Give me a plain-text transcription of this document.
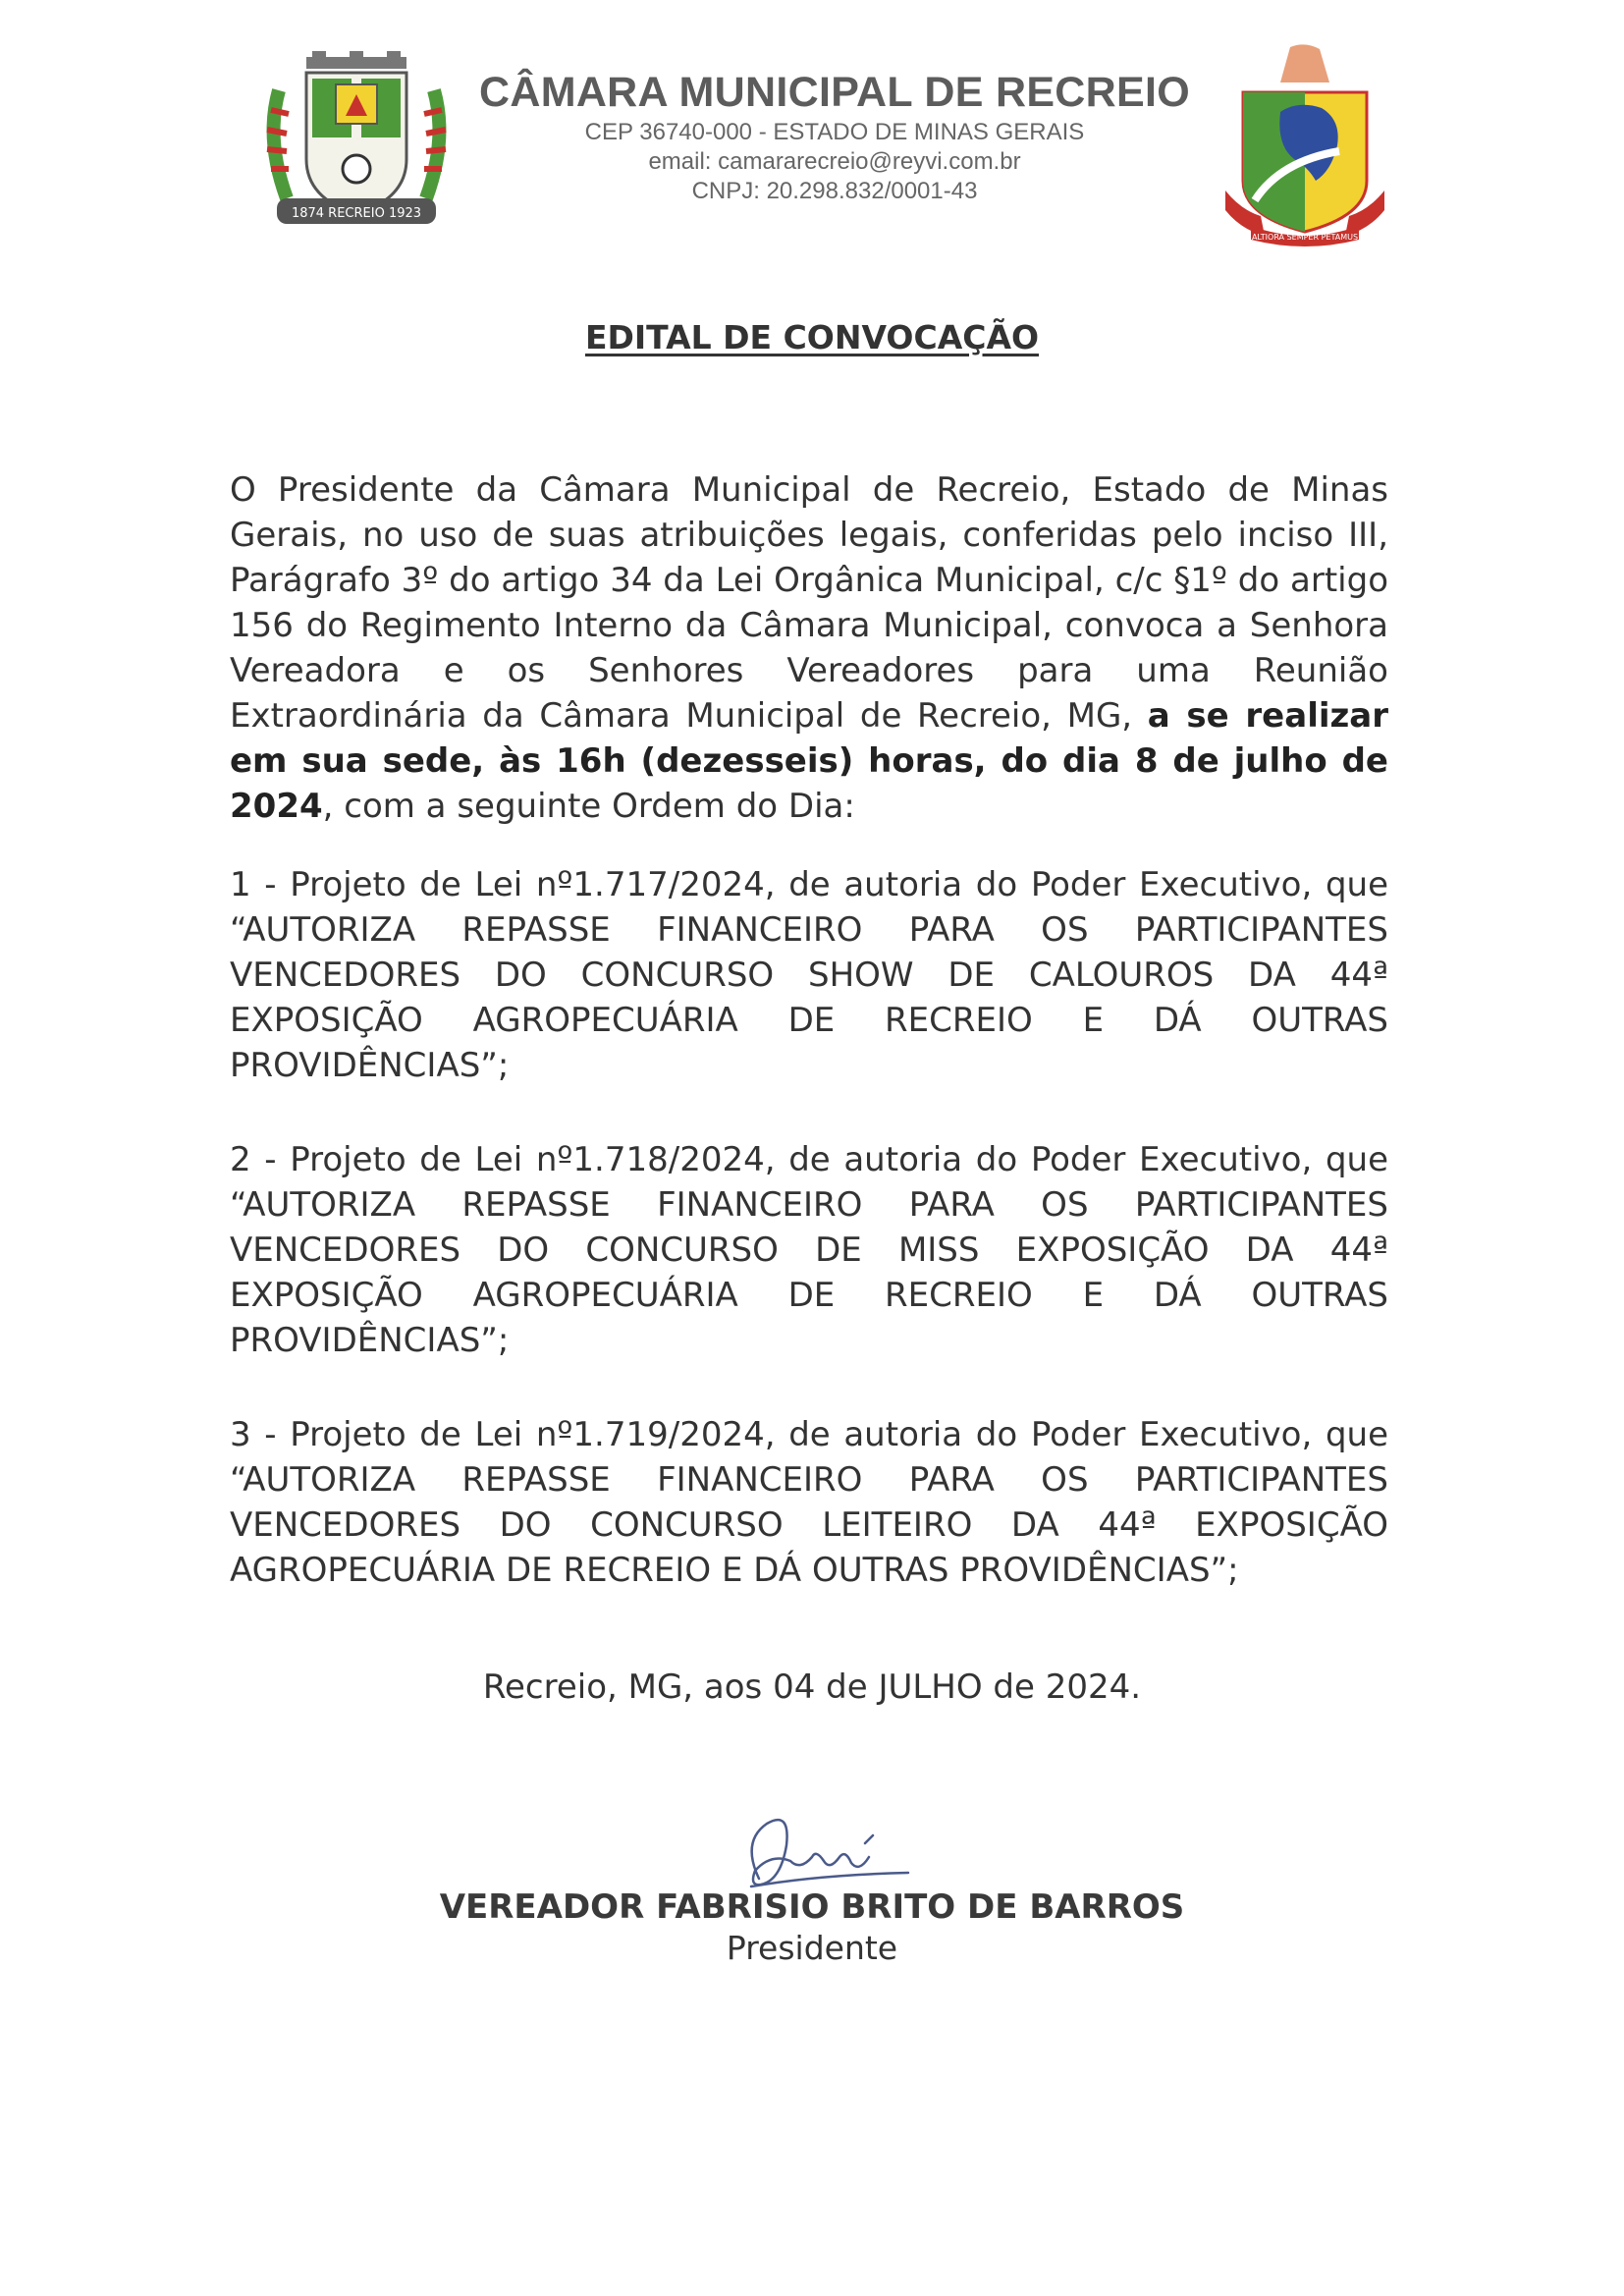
1874 RECREIO 1923
CÂMARA MUNICIPAL DE RECREIO
CEP 36740-000 - ESTADO DE MINAS GERAIS
email: camararecreio@reyvi.com.br
CNPJ: 20.298.832/0001-43
ALTIORA SEMPER PETAMUS
EDITAL DE CONVOCAÇÃO
O Presidente da Câmara Municipal de Recreio, Estado de Minas Gerais, no uso de suas atribuições legais, conferidas pelo inciso III, Parágrafo 3º do artigo 34 da Lei Orgânica Municipal, c/c §1º do artigo 156 do Regimento Interno da Câmara Municipal, convoca a Senhora Vereadora e os Senhores Vereadores para uma Reunião Extraordinária da Câmara Municipal de Recreio, MG, a se realizar em sua sede, às 16h (dezesseis) horas, do dia 8 de julho de 2024, com a seguinte Ordem do Dia:
1 - Projeto de Lei nº1.717/2024, de autoria do Poder Executivo, que “AUTORIZA REPASSE FINANCEIRO PARA OS PARTICIPANTES VENCEDORES DO CONCURSO SHOW DE CALOUROS DA 44ª EXPOSIÇÃO AGROPECUÁRIA DE RECREIO E DÁ OUTRAS PROVIDÊNCIAS”;
2 - Projeto de Lei nº1.718/2024, de autoria do Poder Executivo, que “AUTORIZA REPASSE FINANCEIRO PARA OS PARTICIPANTES VENCEDORES DO CONCURSO DE MISS EXPOSIÇÃO DA 44ª EXPOSIÇÃO AGROPECUÁRIA DE RECREIO E DÁ OUTRAS PROVIDÊNCIAS”;
3 - Projeto de Lei nº1.719/2024, de autoria do Poder Executivo, que “AUTORIZA REPASSE FINANCEIRO PARA OS PARTICIPANTES VENCEDORES DO CONCURSO LEITEIRO DA 44ª EXPOSIÇÃO AGROPECUÁRIA DE RECREIO E DÁ OUTRAS PROVIDÊNCIAS”;
Recreio, MG, aos 04 de JULHO de 2024.
VEREADOR FABRISIO BRITO DE BARROS
Presidente
